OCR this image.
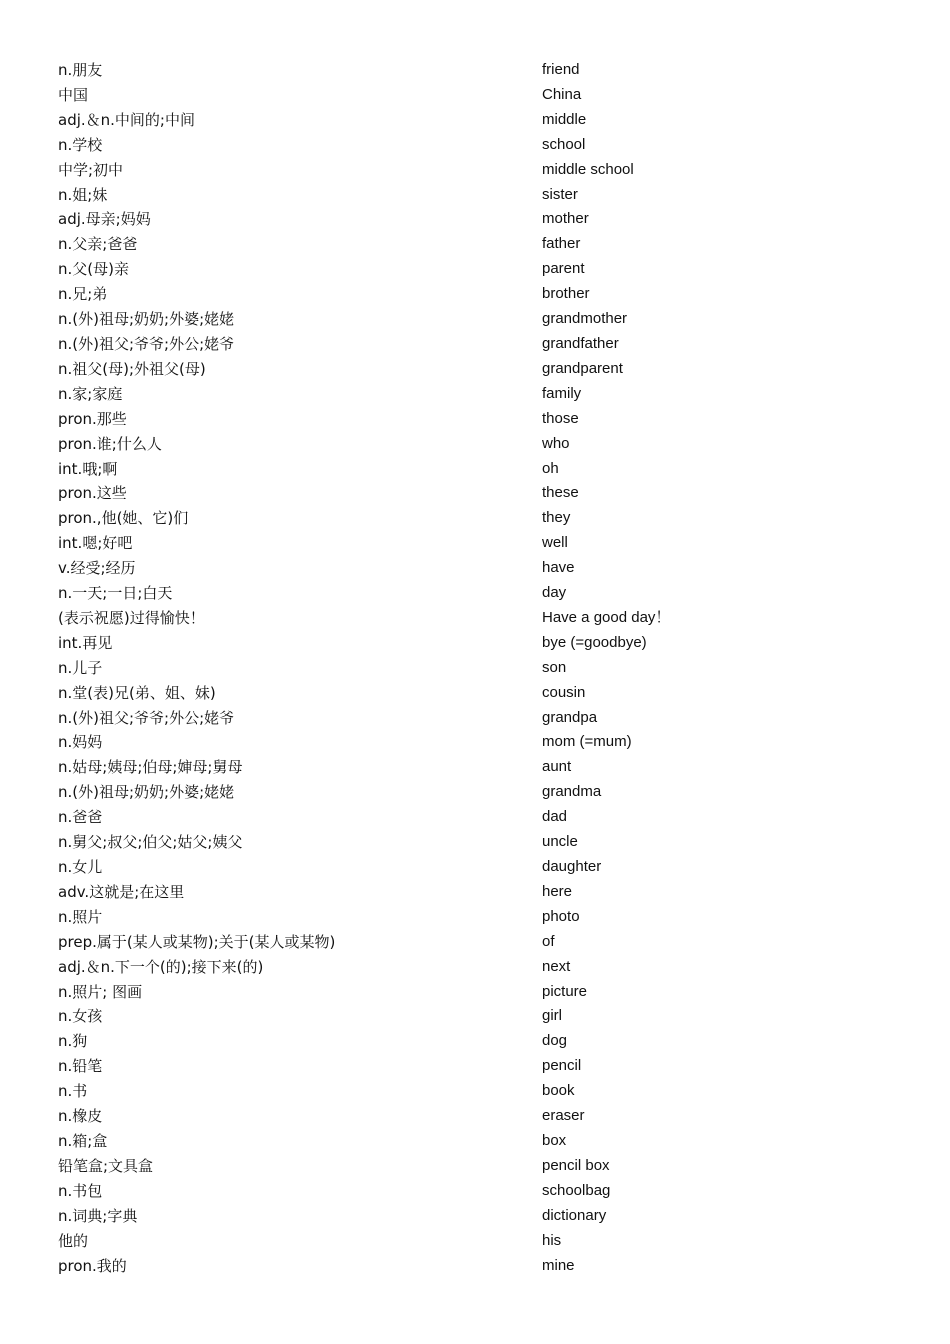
n.朋友	friend
中国	China
adj.＆n.中间的;中间	middle
n.学校	school
中学;初中	middle school
n.姐;妹	sister
adj.母亲;妈妈	mother
n.父亲;爸爸	father
n.父(母)亲	parent
n.兄;弟	brother
n.(外)祖母;奶奶;外婆;姥姥	grandmother
n.(外)祖父;爷爷;外公;姥爷	grandfather
n.祖父(母);外祖父(母)	grandparent
n.家;家庭	family
pron.那些	those
pron.谁;什么人	who
int.哦;啊	oh
pron.这些	these
pron.,他(她、它)们	they
int.嗯;好吧	well
v.经受;经历	have
n.一天;一日;白天	day
(表示祝愿)过得愉快！	Have a good day！
int.再见	bye (=goodbye)
n.儿子	son
n.堂(表)兄(弟、姐、妹)	cousin
n.(外)祖父;爷爷;外公;姥爷	grandpa
n.妈妈	mom (=mum)
n.姑母;姨母;伯母;婶母;舅母	aunt
n.(外)祖母;奶奶;外婆;姥姥	grandma
n.爸爸	dad
n.舅父;叔父;伯父;姑父;姨父	uncle
n.女儿	daughter
adv.这就是;在这里	here
n.照片	photo
prep.属于(某人或某物);关于(某人或某物)	of
adj.＆n.下一个(的);接下来(的)	next
n.照片; 图画	picture
n.女孩	girl
n.狗	dog
n.铅笔	pencil
n.书	book
n.橡皮	eraser
n.箱;盒	box
铅笔盒;文具盒	pencil box
n.书包	schoolbag
n.词典;字典	dictionary
他的	his
pron.我的	mine
